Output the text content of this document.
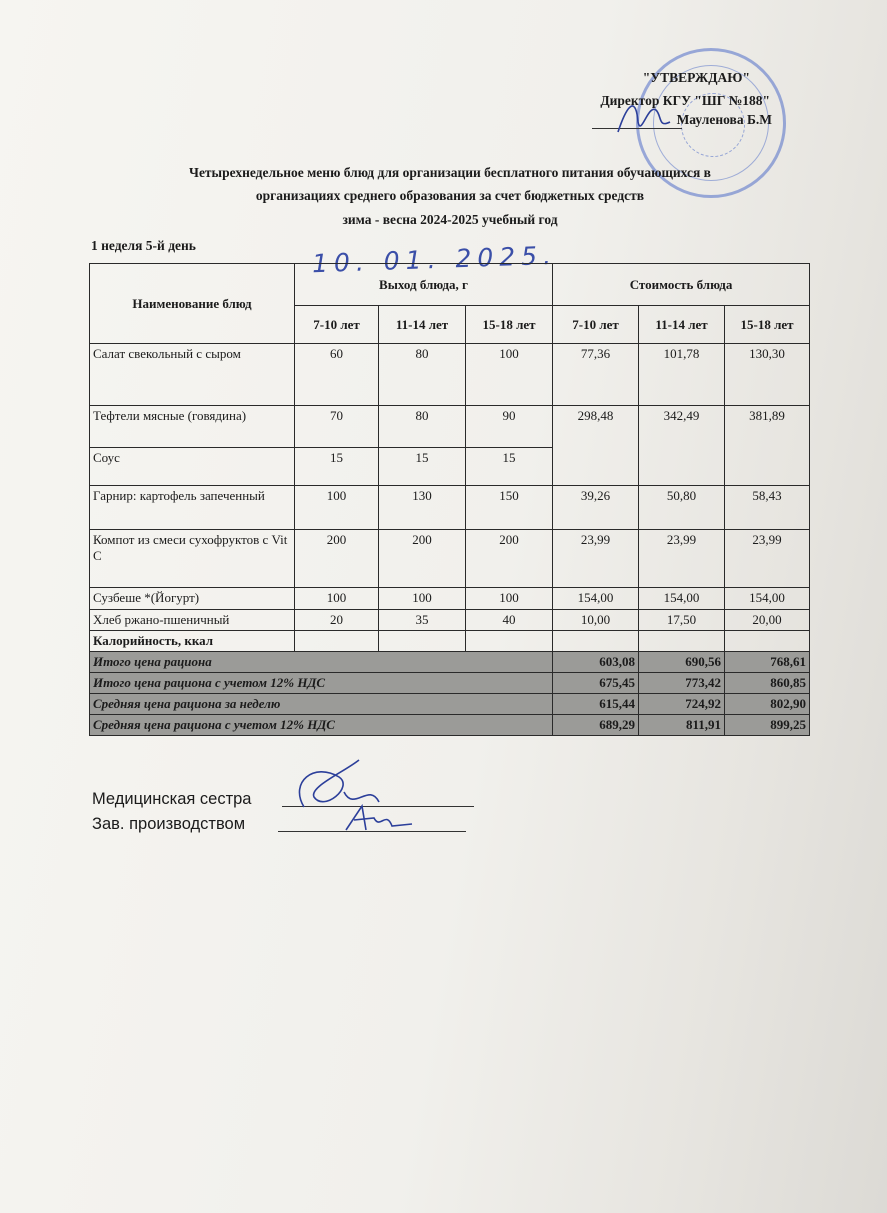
"УТВЕРЖДАЮ"
Директор КГУ "ШГ №188"
Мауленова Б.М
Четырехнедельное меню блюд для организации бесплатного питания обучающихся в
организациях среднего образования за счет бюджетных средств
зима - весна 2024-2025 учебный год
1 неделя 5-й день	10. 01. 2025.
Наименование блюд	Выход блюда, г			Стоимость блюда		
	7-10 лет	11-14 лет	15-18 лет	7-10 лет	11-14 лет	15-18 лет
Салат свекольный с сыром	60	80	100	77,36	101,78	130,30
Тефтели мясные (говядина)	70	80	90	298,48	342,49	381,89
Соус	15	15	15			
Гарнир: картофель запеченный	100	130	150	39,26	50,80	58,43
Компот из смеси сухофруктов с Vit C	200	200	200	23,99	23,99	23,99
Сузбеше *(Йогурт)	100	100	100	154,00	154,00	154,00
Хлеб ржано-пшеничный	20	35	40	10,00	17,50	20,00
Калорийность, ккал						
Итого цена рациона				603,08	690,56	768,61
Итого цена рациона с учетом 12% НДС				675,45	773,42	860,85
Средняя цена рациона за неделю				615,44	724,92	802,90
Средняя цена рациона с учетом 12% НДС				689,29	811,91	899,25
Медицинская сестра
Зав. производством
